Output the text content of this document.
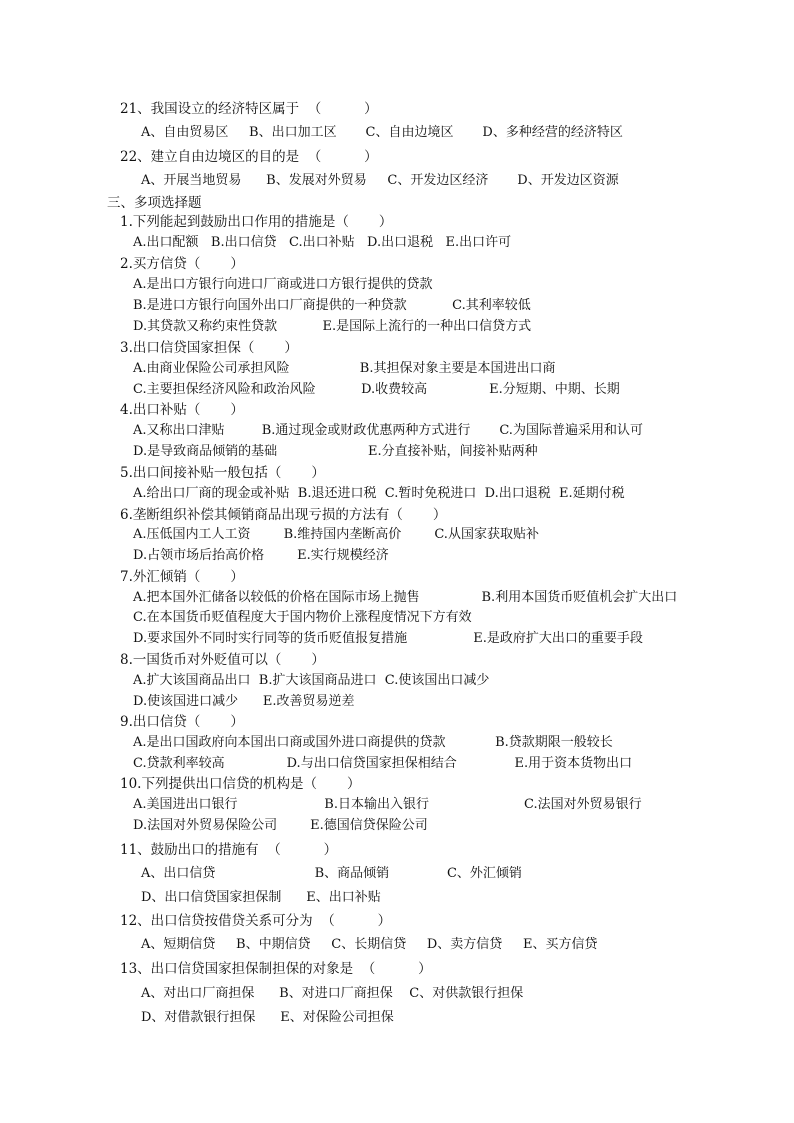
21、我国设立的经济特区属于  （          ）
A、自由贸易区     B、出口加工区       C、自由边境区       D、多种经营的经济特区
22、建立自由边境区的目的是  （          ）
A、开展当地贸易      B、发展对外贸易     C、开发边区经济       D、开发边区资源
三、多项选择题
1.下列能起到鼓励出口作用的措施是（       ）
A.出口配额   B.出口信贷   C.出口补贴   D.出口退税   E.出口许可
2.买方信贷（       ）
A.是出口方银行向进口厂商或进口方银行提供的贷款
B.是进口方银行向国外出口厂商提供的一种贷款           C.其利率较低
D.其贷款又称约束性贷款           E.是国际上流行的一种出口信贷方式
3.出口信贷国家担保（       ）
A.由商业保险公司承担风险                 B.其担保对象主要是本国进出口商
C.主要担保经济风险和政治风险           D.收费较高               E.分短期、中期、长期
4.出口补贴（       ）
A.又称出口津贴         B.通过现金或财政优惠两种方式进行       C.为国际普遍采用和认可
D.是导致商品倾销的基础                      E.分直接补贴，间接补贴两种
5.出口间接补贴一般包括（       ）
A.给出口厂商的现金或补贴  B.退还进口税  C.暂时免税进口  D.出口退税  E.延期付税
6.垄断组织补偿其倾销商品出现亏损的方法有（       ）
A.压低国内工人工资        B.维持国内垄断高价        C.从国家获取贴补
D.占领市场后抬高价格        E.实行规模经济
7.外汇倾销（       ）
A.把本国外汇储备以较低的价格在国际市场上抛售               B.利用本国货币贬值机会扩大出口
C.在本国货币贬值程度大于国内物价上涨程度情况下方有效
D.要求国外不同时实行同等的货币贬值报复措施                E.是政府扩大出口的重要手段
8.一国货币对外贬值可以（       ）
A.扩大该国商品出口  B.扩大该国商品进口  C.使该国出口减少
D.使该国进口减少      E.改善贸易逆差
9.出口信贷（       ）
A.是出口国政府向本国出口商或国外进口商提供的贷款            B.贷款期限一般较长
C.贷款利率较高               D.与出口信贷国家担保相结合              E.用于资本货物出口
10.下列提供出口信贷的机构是（       ）
A.美国进出口银行                     B.日本输出入银行                       C.法国对外贸易银行
D.法国对外贸易保险公司        E.德国信贷保险公司
11、鼓励出口的措施有  （          ）
A、出口信贷                        B、商品倾销              C、外汇倾销
D、出口信贷国家担保制      E、出口补贴
12、出口信贷按借贷关系可分为  （          ）
A、短期信贷     B、中期信贷     C、长期信贷     D、卖方信贷     E、买方信贷
13、出口信贷国家担保制担保的对象是  （          ）
A、对出口厂商担保      B、对进口厂商担保    C、对供款银行担保
D、对借款银行担保      E、对保险公司担保
